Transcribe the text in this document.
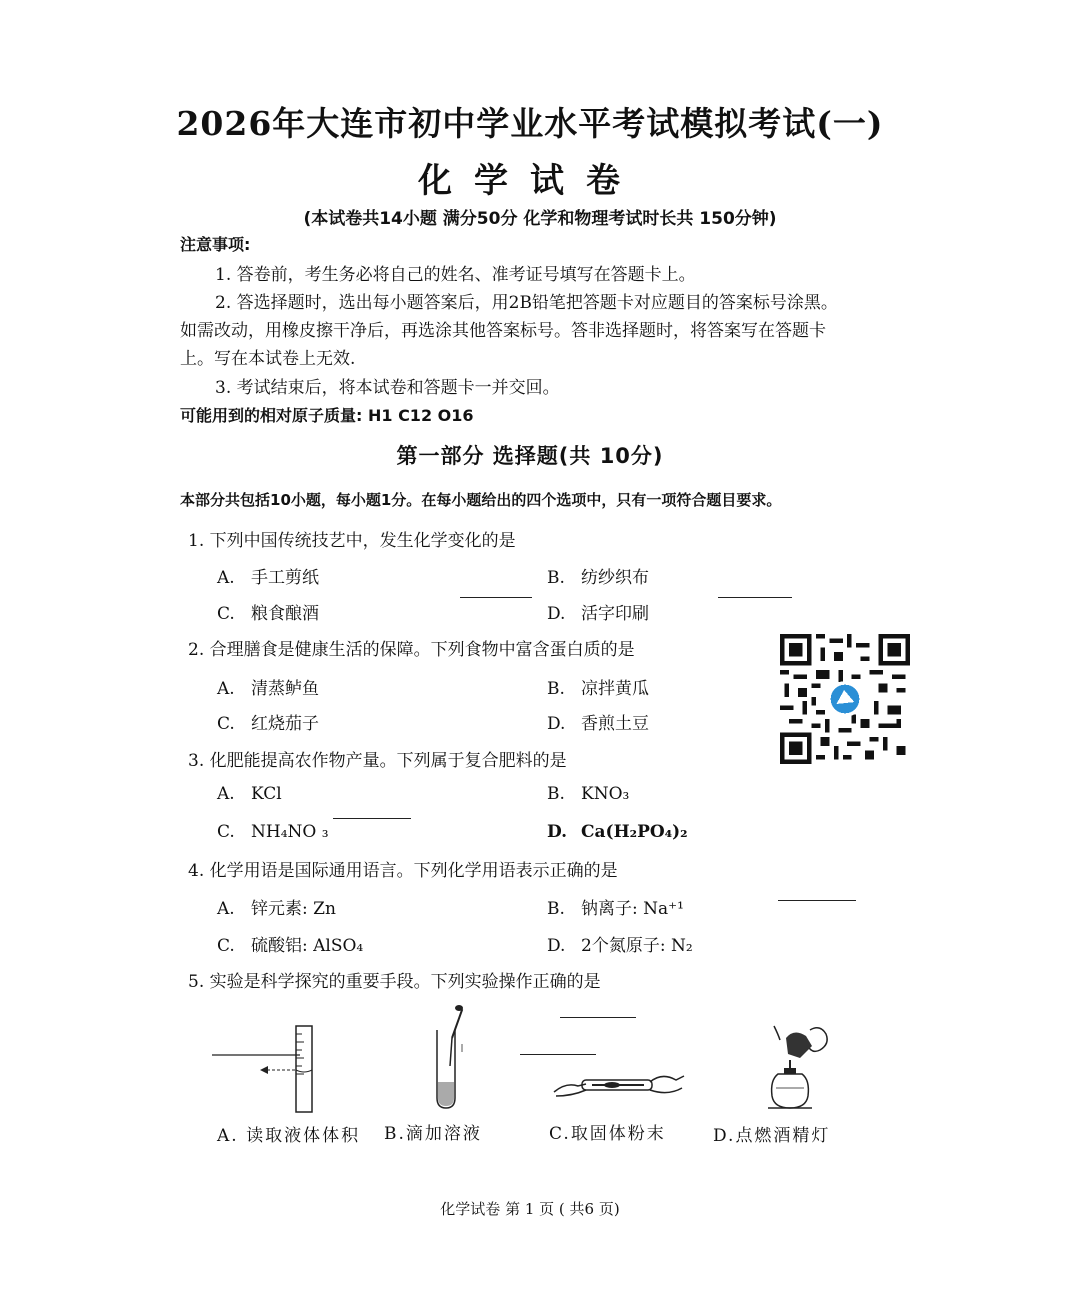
2026年大连市初中学业水平考试模拟考试(一)
化学试卷
(本试卷共14小题 满分50分 化学和物理考试时长共 150分钟)
注意事项:
1. 答卷前，考生务必将自己的姓名、准考证号填写在答题卡上。
2. 答选择题时，选出每小题答案后，用2B铅笔把答题卡对应题目的答案标号涂黑。
如需改动，用橡皮擦干净后，再选涂其他答案标号。答非选择题时，将答案写在答题卡
上。写在本试卷上无效.
3. 考试结束后，将本试卷和答题卡一并交回。
可能用到的相对原子质量: H1 C12 O16
第一部分 选择题(共 10分)
本部分共包括10小题，每小题1分。在每小题给出的四个选项中，只有一项符合题目要求。
1. 下列中国传统技艺中，发生化学变化的是
A. 手工剪纸	B. 纺纱织布
C. 粮食酿酒	D. 活字印刷
2. 合理膳食是健康生活的保障。下列食物中富含蛋白质的是
A. 清蒸鲈鱼	B. 凉拌黄瓜
C. 红烧茄子	D. 香煎土豆
3. 化肥能提高农作物产量。下列属于复合肥料的是
A. KCl	B. KNO₃
C. NH₄NO ₃	D. Ca(H₂PO₄)₂
4. 化学用语是国际通用语言。下列化学用语表示正确的是
A. 锌元素: Zn	B. 钠离子: Na⁺¹
C. 硫酸铝: AlSO₄	D. 2个氮原子: N₂
5. 实验是科学探究的重要手段。下列实验操作正确的是
A. 读取液体体积 B.滴加溶液	C.取固体粉末	D.点燃酒精灯
化学试卷 第 1 页 ( 共6 页)
